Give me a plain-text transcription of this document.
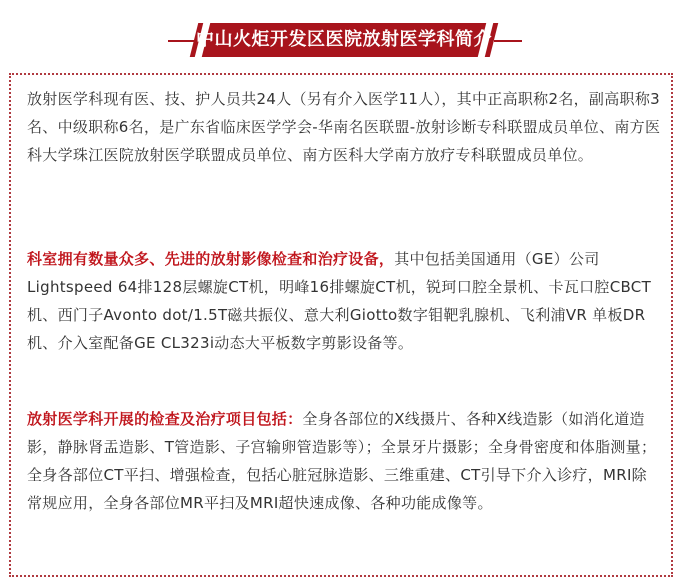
中山火炬开发区医院放射医学科简介

放射医学科现有医、技、护人员共24人（另有介入医学11人），其中正高职称2名，副高职称3名、中级职称6名，是广东省临床医学学会-华南名医联盟-放射诊断专科联盟成员单位、南方医科大学珠江医院放射医学联盟成员单位、南方医科大学南方放疗专科联盟成员单位。

科室拥有数量众多、先进的放射影像检查和治疗设备，其中包括美国通用（GE）公司Lightspeed 64排128层螺旋CT机，明峰16排螺旋CT机，锐珂口腔全景机、卡瓦口腔CBCT机、西门子Avonto dot/1.5T磁共振仪、意大利Giotto数字钼靶乳腺机、飞利浦VR 单板DR机、介入室配备GE CL323i动态大平板数字剪影设备等。

放射医学科开展的检查及治疗项目包括：全身各部位的X线摄片、各种X线造影（如消化道造影，静脉肾盂造影、T管造影、子宫输卵管造影等）；全景牙片摄影；全身骨密度和体脂测量；全身各部位CT平扫、增强检查，包括心脏冠脉造影、三维重建、CT引导下介入诊疗，MRI除常规应用，全身各部位MR平扫及MRI超快速成像、各种功能成像等。
